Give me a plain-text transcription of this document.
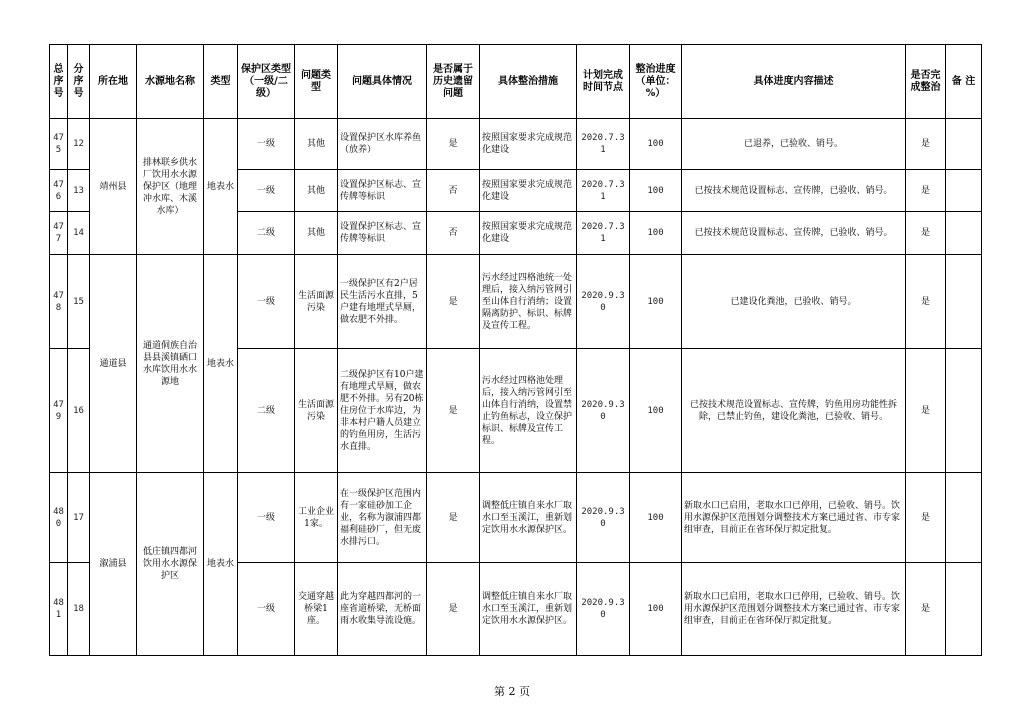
总序号	分序号	所在地	水源地名称	类型	保护区类型（一级/二级）	问题类型	问题具体情况	是否属于历史遗留问题	具体整治措施	计划完成时间节点	整治进度（单位：%）	具体进度内容描述	是否完成整治	备 注
475	12	靖州县	排林联乡供水厂饮用水水源保护区（地理冲水库、木溪水库）	地表水	一级	其他	设置保护区水库养鱼（放养）	是	按照国家要求完成规范化建设	2020.7.31	100	已退养，已验收、销号。	是	
476	13				一级	其他	设置保护区标志、宣传牌等标识	否	按照国家要求完成规范化建设	2020.7.31	100	已按技术规范设置标志、宣传牌，已验收、销号。	是	
477	14				二级	其他	设置保护区标志、宣传牌等标识	否	按照国家要求完成规范化建设	2020.7.31	100	已按技术规范设置标志、宣传牌，已验收、销号。	是	
478	15	通道县	通道侗族自治县县溪镇硒口水库饮用水水源地	地表水	一级	生活面源污染	一级保护区有2户居民生活污水直排，5户建有地埋式旱厕，做农肥不外排。	是	污水经过四格池统一处理后，接入纳污管网引至山体自行消纳；设置隔离防护、标识、标牌及宣传工程。	2020.9.30	100	已建设化粪池，已验收、销号。	是	
479	16				二级	生活面源污染	二级保护区有10户建有地埋式旱厕，做农肥不外排。另有20栋住房位于水库边，为非本村户籍人员建立的钓鱼用房，生活污水直排。	是	污水经过四格池处理后，接入纳污管网引至山体自行消纳，设置禁止钓鱼标志，设立保护标识、标牌及宣传工程。	2020.9.30	100	已按技术规范设置标志、宣传牌，钓鱼用房功能性拆除，已禁止钓鱼，建设化粪池，已验收、销号。	是	
480	17	溆浦县	低庄镇四都河饮用水水源保护区	地表水	一级	工业企业1家。	在一级保护区范围内有一家硅砂加工企业，名称为溆浦四都福利硅砂厂，但无废水排污口。	是	调整低庄镇自来水厂取水口至玉溪江，重新划定饮用水水源保护区。	2020.9.30	100	新取水口已启用，老取水口已停用，已验收、销号。饮用水源保护区范围划分调整技术方案已通过省、市专家组审查，目前正在省环保厅拟定批复。	是	
481	18				一级	交通穿越桥梁1座。	此为穿越四都河的一座省道桥梁，无桥面雨水收集导流设施。	是	调整低庄镇自来水厂取水口至玉溪江，重新划定饮用水水源保护区。	2020.9.30	100	新取水口已启用，老取水口已停用，已验收、销号。饮用水源保护区范围划分调整技术方案已通过省、市专家组审查，目前正在省环保厅拟定批复。	是	
第 2 页
